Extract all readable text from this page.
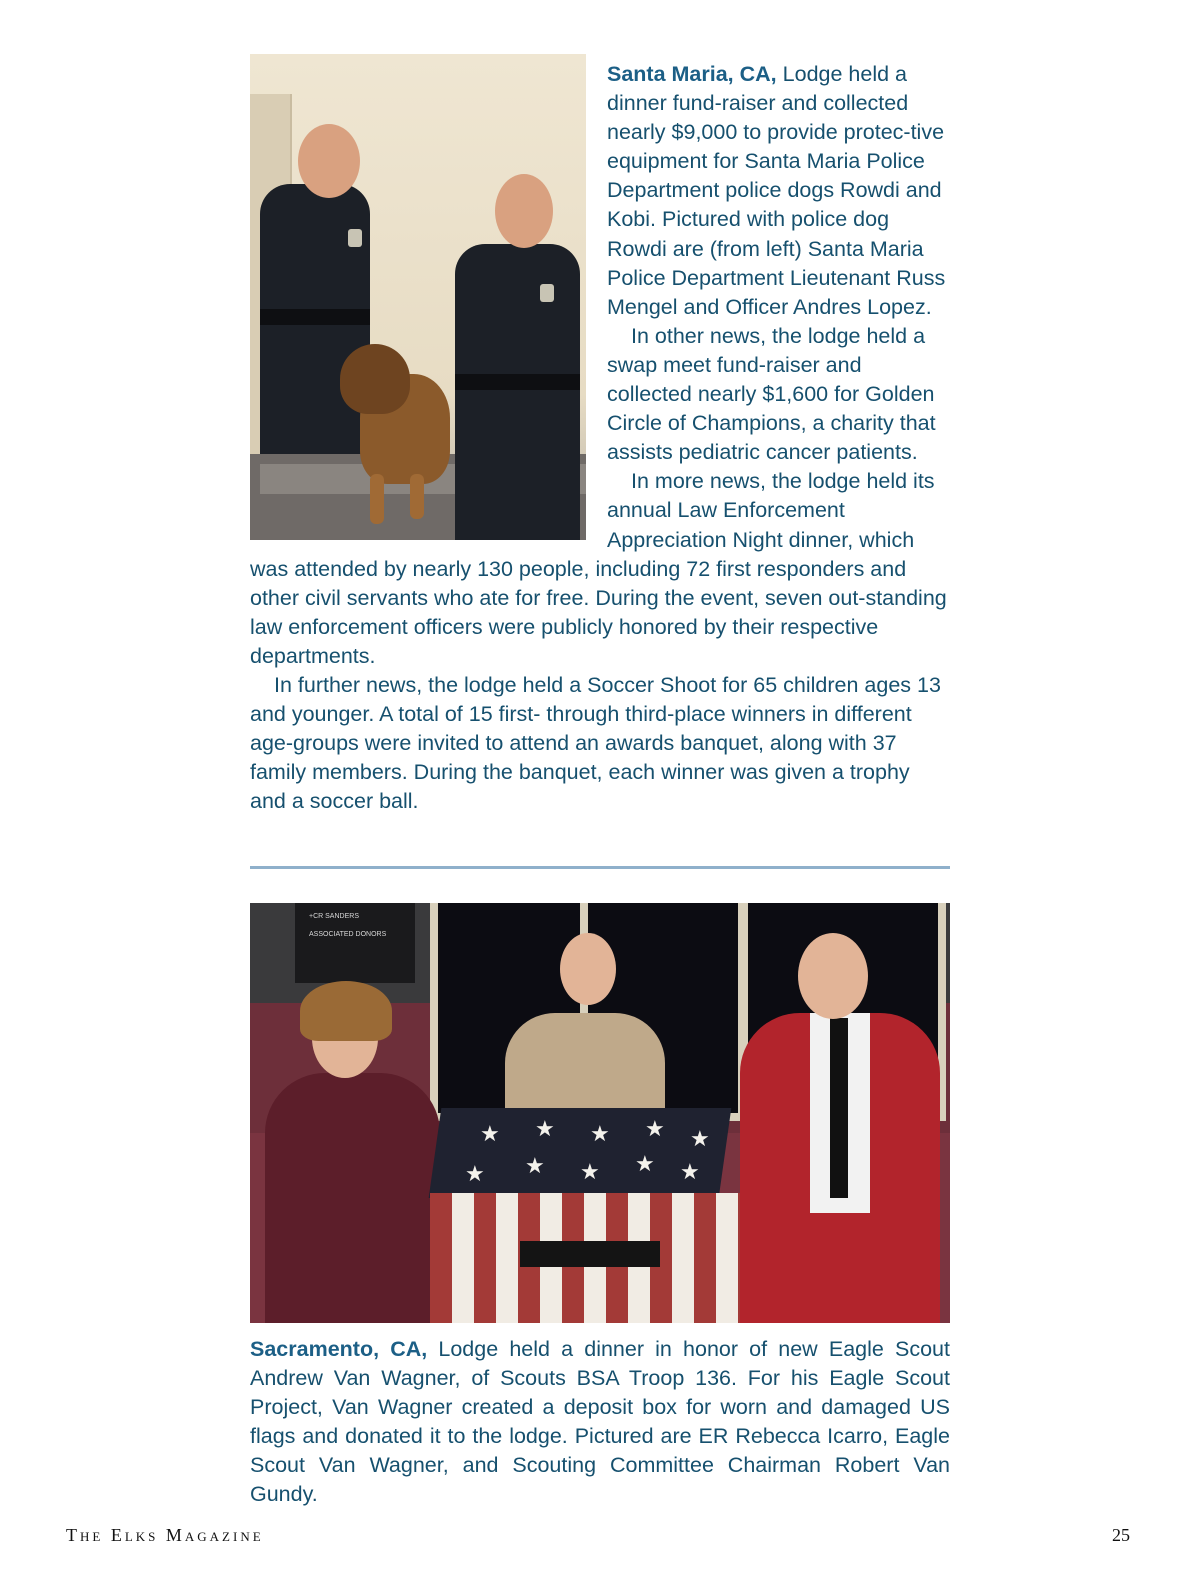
Santa Maria, CA, Lodge held a dinner fund-raiser and collected nearly $9,000 to provide protec-tive equipment for Santa Maria Police Department police dogs Rowdi and Kobi. Pictured with police dog Rowdi are (from left) Santa Maria Police Department Lieutenant Russ Mengel and Officer Andres Lopez.

In other news, the lodge held a swap meet fund-raiser and collected nearly $1,600 for Golden Circle of Champions, a charity that assists pediatric cancer patients.

In more news, the lodge held its annual Law Enforcement Appreciation Night dinner, which was attended by nearly 130 people, including 72 first responders and other civil servants who ate for free. During the event, seven out-standing law enforcement officers were publicly honored by their respective departments.

In further news, the lodge held a Soccer Shoot for 65 children ages 13 and younger. A total of 15 first- through third-place winners in different age-groups were invited to attend an awards banquet, along with 37 family members. During the banquet, each winner was given a trophy and a soccer ball.

+CR SANDERS
ASSOCIATED DONORS
★ ★ ★ ★ ★
★ ★ ★ ★ ★

Sacramento, CA, Lodge held a dinner in honor of new Eagle Scout Andrew Van Wagner, of Scouts BSA Troop 136. For his Eagle Scout Project, Van Wagner created a deposit box for worn and damaged US flags and donated it to the lodge. Pictured are ER Rebecca Icarro, Eagle Scout Van Wagner, and Scouting Committee Chairman Robert Van Gundy.

The Elks Magazine	25
